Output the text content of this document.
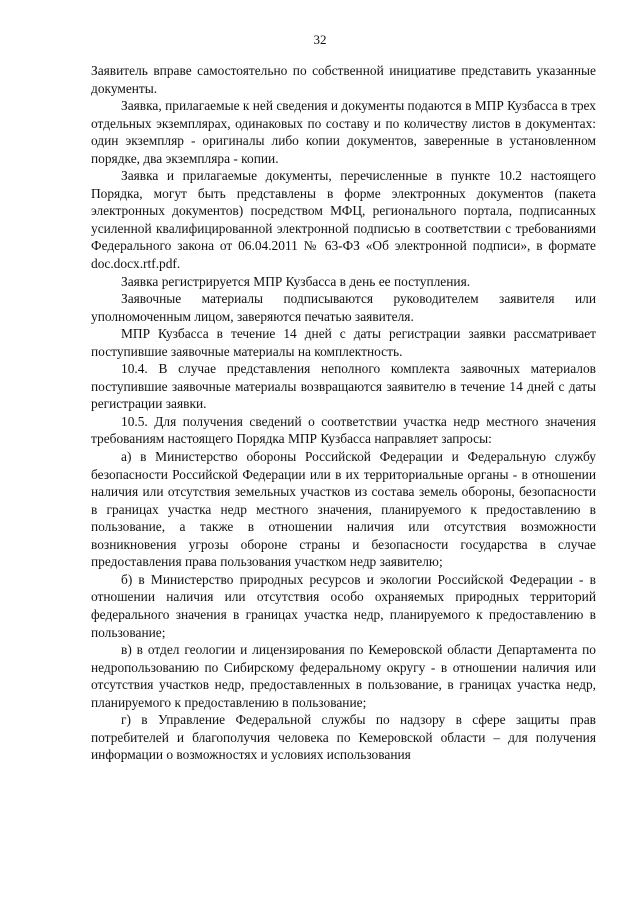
32

Заявитель вправе самостоятельно по собственной инициативе представить указанные документы.

Заявка, прилагаемые к ней сведения и документы подаются в МПР Кузбасса в трех отдельных экземплярах, одинаковых по составу и по количеству листов в документах: один экземпляр - оригиналы либо копии документов, заверенные в установленном порядке, два экземпляра - копии.

Заявка и прилагаемые документы, перечисленные в пункте 10.2 настоящего Порядка, могут быть представлены в форме электронных документов (пакета электронных документов) посредством МФЦ, регионального портала, подписанных усиленной квалифицированной электронной подписью в соответствии с требованиями Федерального закона от 06.04.2011 № 63-ФЗ «Об электронной подписи», в формате doc.docx.rtf.pdf.

Заявка регистрируется МПР Кузбасса в день ее поступления.

Заявочные материалы подписываются руководителем заявителя или уполномоченным лицом, заверяются печатью заявителя.

МПР Кузбасса в течение 14 дней с даты регистрации заявки рассматривает поступившие заявочные материалы на комплектность.

10.4. В случае представления неполного комплекта заявочных материалов поступившие заявочные материалы возвращаются заявителю в течение 14 дней с даты регистрации заявки.

10.5. Для получения сведений о соответствии участка недр местного значения требованиям настоящего Порядка МПР Кузбасса направляет запросы:

а) в Министерство обороны Российской Федерации и Федеральную службу безопасности Российской Федерации или в их территориальные органы - в отношении наличия или отсутствия земельных участков из состава земель обороны, безопасности в границах участка недр местного значения, планируемого к предоставлению в пользование, а также в отношении наличия или отсутствия возможности возникновения угрозы обороне страны и безопасности государства в случае предоставления права пользования участком недр заявителю;

б) в Министерство природных ресурсов и экологии Российской Федерации - в отношении наличия или отсутствия особо охраняемых природных территорий федерального значения в границах участка недр, планируемого к предоставлению в пользование;

в) в отдел геологии и лицензирования по Кемеровской области Департамента по недропользованию по Сибирскому федеральному округу - в отношении наличия или отсутствия участков недр, предоставленных в пользование, в границах участка недр, планируемого к предоставлению в пользование;

г) в Управление Федеральной службы по надзору в сфере защиты прав потребителей и благополучия человека по Кемеровской области – для получения информации о возможностях и условиях использования
